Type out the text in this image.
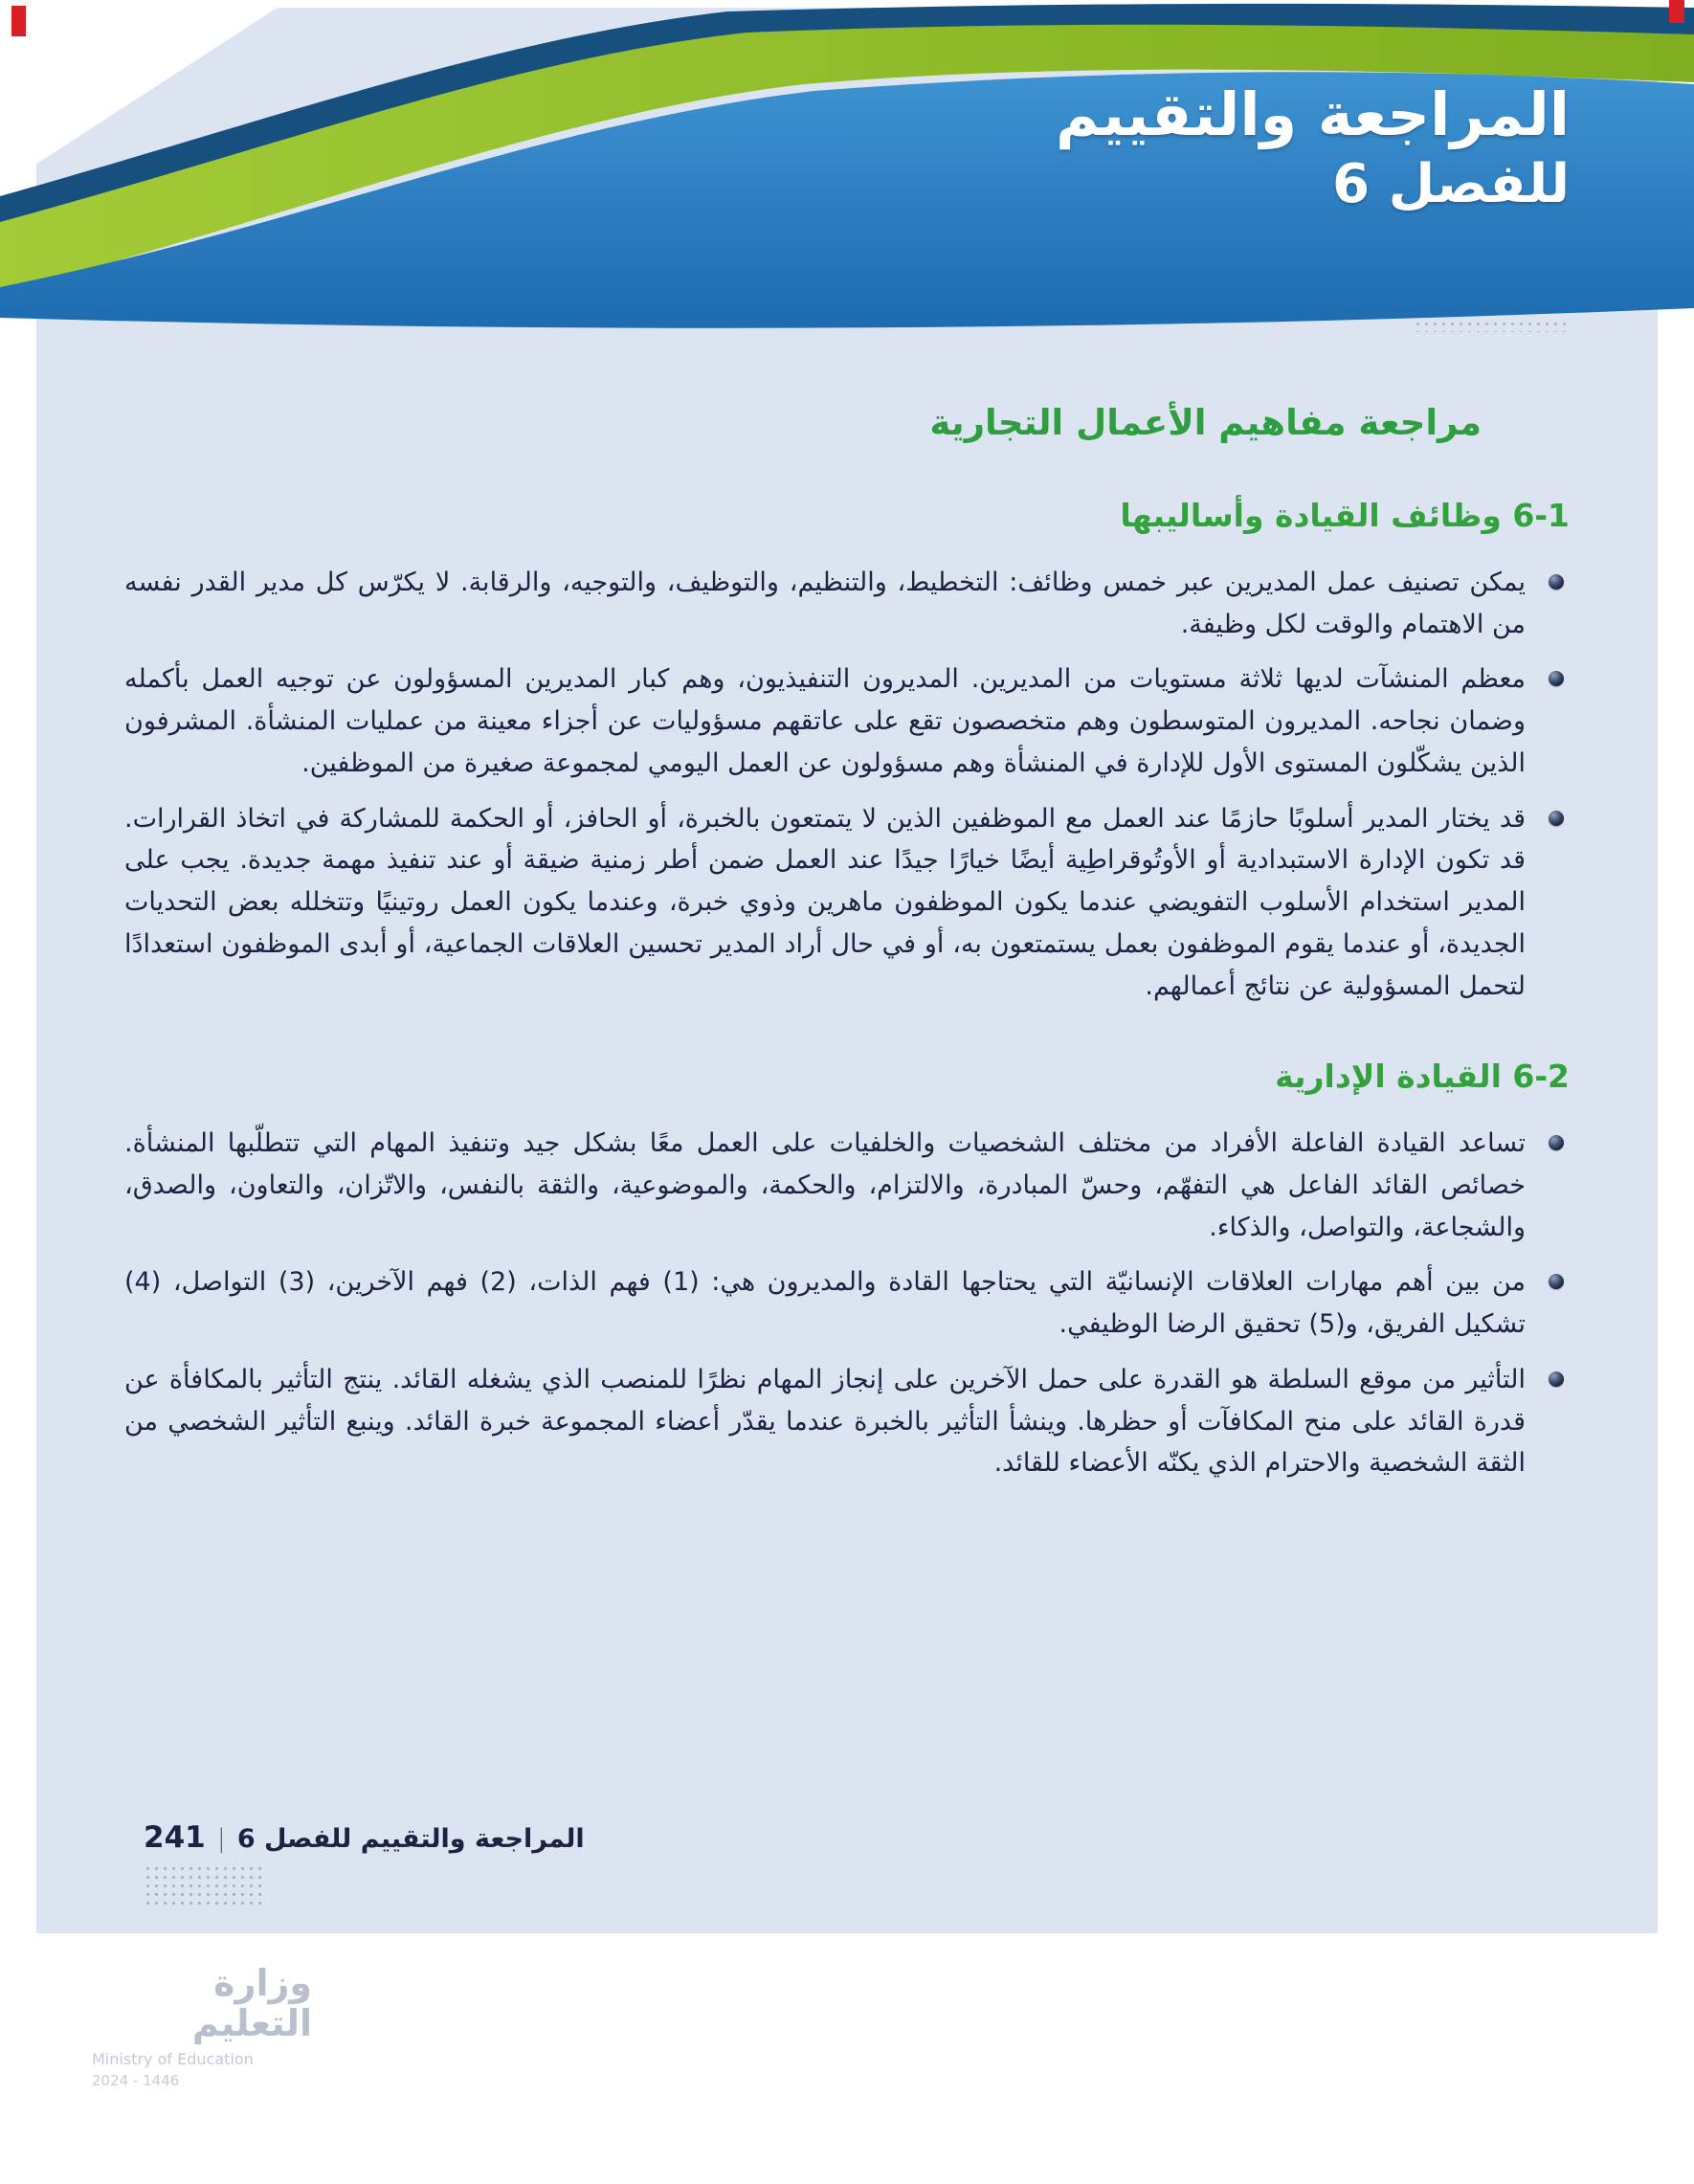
المراجعة والتقييم
للفصل 6
مراجعة مفاهيم الأعمال التجارية
6-1 وظائف القيادة وأساليبها
يمكن تصنيف عمل المديرين عبر خمس وظائف: التخطيط، والتنظيم، والتوظيف، والتوجيه، والرقابة. لا يكرّس كل مدير القدر نفسه من الاهتمام والوقت لكل وظيفة.
معظم المنشآت لديها ثلاثة مستويات من المديرين. المديرون التنفيذيون، وهم كبار المديرين المسؤولون عن توجيه العمل بأكمله وضمان نجاحه. المديرون المتوسطون وهم متخصصون تقع على عاتقهم مسؤوليات عن أجزاء معينة من عمليات المنشأة. المشرفون الذين يشكّلون المستوى الأول للإدارة في المنشأة وهم مسؤولون عن العمل اليومي لمجموعة صغيرة من الموظفين.
قد يختار المدير أسلوبًا حازمًا عند العمل مع الموظفين الذين لا يتمتعون بالخبرة، أو الحافز، أو الحكمة للمشاركة في اتخاذ القرارات. قد تكون الإدارة الاستبدادية أو الأوتُوقراطِية أيضًا خيارًا جيدًا عند العمل ضمن أطر زمنية ضيقة أو عند تنفيذ مهمة جديدة. يجب على المدير استخدام الأسلوب التفويضي عندما يكون الموظفون ماهرين وذوي خبرة، وعندما يكون العمل روتينيًا وتتخلله بعض التحديات الجديدة، أو عندما يقوم الموظفون بعمل يستمتعون به، أو في حال أراد المدير تحسين العلاقات الجماعية، أو أبدى الموظفون استعدادًا لتحمل المسؤولية عن نتائج أعمالهم.
6-2 القيادة الإدارية
تساعد القيادة الفاعلة الأفراد من مختلف الشخصيات والخلفيات على العمل معًا بشكل جيد وتنفيذ المهام التي تتطلّبها المنشأة. خصائص القائد الفاعل هي التفهّم، وحسّ المبادرة، والالتزام، والحكمة، والموضوعية، والثقة بالنفس، والاتّزان، والتعاون، والصدق، والشجاعة، والتواصل، والذكاء.
من بين أهم مهارات العلاقات الإنسانيّة التي يحتاجها القادة والمديرون هي: (1) فهم الذات، (2) فهم الآخرين، (3) التواصل، (4) تشكيل الفريق، و(5) تحقيق الرضا الوظيفي.
التأثير من موقع السلطة هو القدرة على حمل الآخرين على إنجاز المهام نظرًا للمنصب الذي يشغله القائد. ينتج التأثير بالمكافأة عن قدرة القائد على منح المكافآت أو حظرها. وينشأ التأثير بالخبرة عندما يقدّر أعضاء المجموعة خبرة القائد. وينبع التأثير الشخصي من الثقة الشخصية والاحترام الذي يكنّه الأعضاء للقائد.
المراجعة والتقييم للفصل 6
|
241
وزارة التعليم
Ministry of Education
2024 - 1446
